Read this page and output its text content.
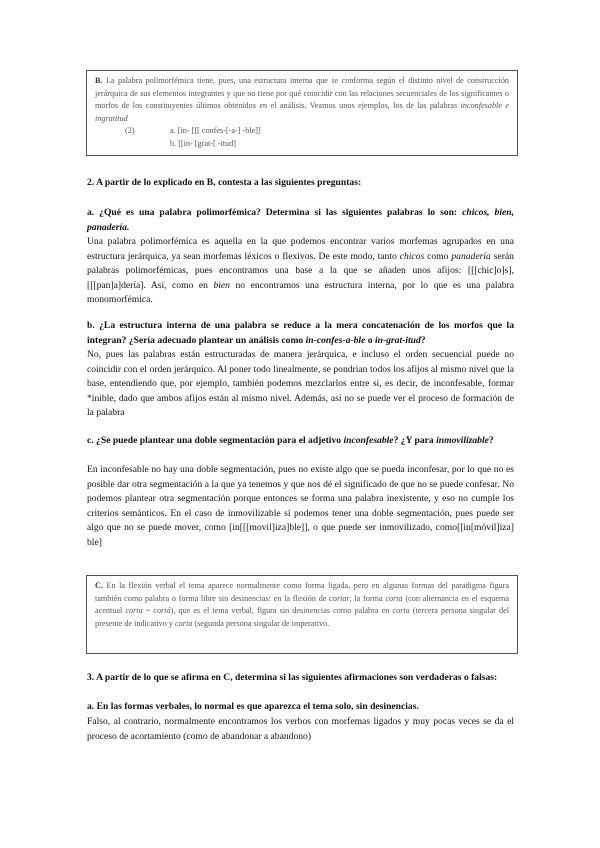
B. La palabra polimorfémica tiene, pues, una estructura interna que se conforma según el distinto nivel de construcción jerárquica de sus elementos integrantes y que no tiene por qué coincidir con las relaciones secuenciales de los significantes o morfos de los constituyentes últimos obtenidos en el análisis. Veamos unos ejemplos, los de las palabras inconfesable e ingratitud
(2)	a. [in- [[[ confes-[-a-] -ble]]
b. [[in- [grat-[ -itud]
2. A partir de lo explicado en B, contesta a las siguientes preguntas:
a. ¿Qué es una palabra polimorfémica? Determina si las siguientes palabras lo son: chicos, bien, panadería.
Una palabra polimorfémica es aquella en la que podemos encontrar varios morfemas agrupados en una estructura jerárquica, ya sean morfemas léxicos o flexivos. De este modo, tanto chicos como panadería serán palabras polimorfémicas, pues encontramos una base a la que se añaden unos afijos: [[[chic]o]s], [[[pan]a]dería]. Así, como en bien no encontramos una estructura interna, por lo que es una palabra monomorfémica.
b. ¿La estructura interna de una palabra se reduce a la mera concatenación de los morfos que la integran? ¿Sería adecuado plantear un análisis como in-confes-a-ble o in-grat-itud?
No, pues las palabras están estructuradas de manera jerárquica, e incluso el orden secuencial puede no coincidir con el orden jerárquico. Al poner todo linealmente, se pondrían todos los afijos al mismo nivel que la base, entendiendo que, por ejemplo, también podemos mezclarlos entre sí, es decir, de inconfesable, formar *inible, dado que ambos afijos están al mismo nivel. Además, así no se puede ver el proceso de formación de la palabra
c. ¿Se puede plantear una doble segmentación para el adjetivo inconfesable? ¿Y para inmovilizable?
En inconfesable no hay una doble segmentación, pues no existe algo que se pueda inconfesar, por lo que no es posible dar otra segmentación a la que ya tenemos y que nos dé el significado de que no se puede confesar. No podemos plantear otra segmentación porque entonces se forma una palabra inexistente, y eso no cumple los criterios semánticos. En el caso de inmovilizable sí podemos tener una doble segmentación, pues puede ser algo que no se puede mover, como [in[[[movil]iza]ble]], o que puede ser inmovilizado, como[[in[móvil]iza] ble]
C. En la flexión verbal el tema aparece normalmente como forma ligada, pero en algunas formas del paradigma figura también como palabra o forma libre sin desinencias: en la flexión de cortar, la forma corta (con alternancia en el esquema acentual corta ~ cortá), que es el tema verbal, figura sin desinencias como palabra en corta (tercera persona singular del presente de indicativo y corta (segunda persona singular de imperativo.
3. A partir de lo que se afirma en C, determina si las siguientes afirmaciones son verdaderas o falsas:
a. En las formas verbales, lo normal es que aparezca el tema solo, sin desinencias.
Falso, al contrario, normalmente encontramos los verbos con morfemas ligados y muy pocas veces se da el proceso de acortamiento (como de abandonar a abandono)
